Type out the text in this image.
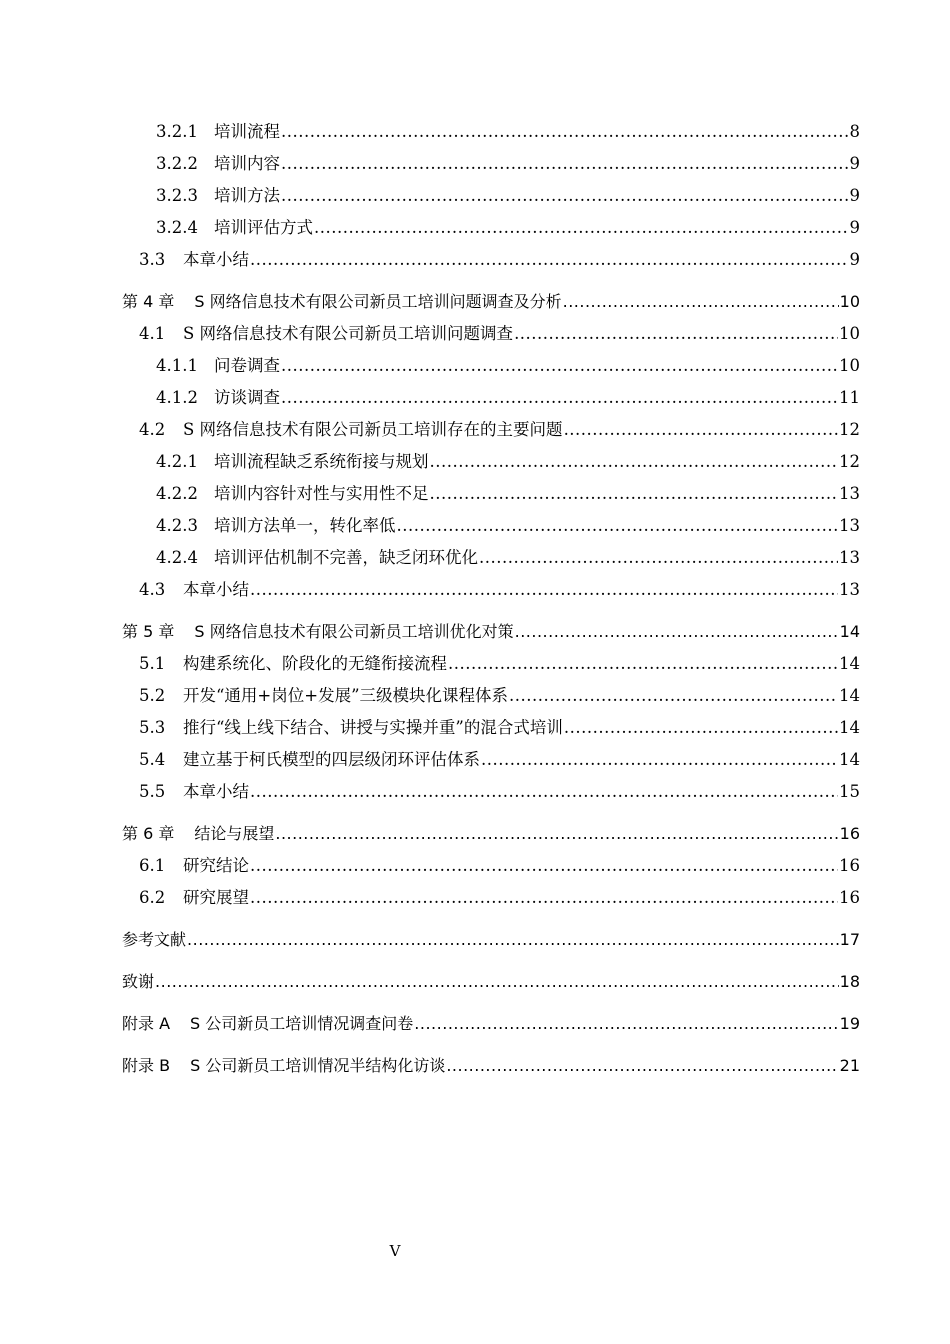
3.2.1 培训流程 .....	8
3.2.2 培训内容 .....	9
3.2.3 培训方法 .....	9
3.2.4 培训评估方式 .....	9
3.3	本章小结 .....	9
第 4 章 S 网络信息技术有限公司新员工培训问题调查及分析 .....	10
4.1	S 网络信息技术有限公司新员工培训问题调查 .....	10
4.1.1 问卷调查 .....	10
4.1.2 访谈调查 .....	11
4.2	S 网络信息技术有限公司新员工培训存在的主要问题 .....	12
4.2.1 培训流程缺乏系统衔接与规划 .....	12
4.2.2 培训内容针对性与实用性不足 .....	13
4.2.3 培训方法单一，转化率低 .....	13
4.2.4 培训评估机制不完善，缺乏闭环优化 .....	13
4.3	本章小结 .....	13
第 5 章 S 网络信息技术有限公司新员工培训优化对策 .....	14
5.1	构建系统化、阶段化的无缝衔接流程 .....	14
5.2	开发“通用+岗位+发展”三级模块化课程体系 .....	14
5.3	推行“线上线下结合、讲授与实操并重”的混合式培训 .....	14
5.4	建立基于柯氏模型的四层级闭环评估体系 .....	14
5.5	本章小结 .....	15
第 6 章 结论与展望 .....	16
6.1	研究结论 .....	16
6.2	研究展望 .....	16
参考文献 .....	17
致谢 .....	18
附录 A S 公司新员工培训情况调查问卷 .....	19
附录 B S 公司新员工培训情况半结构化访谈 .....	21
V
